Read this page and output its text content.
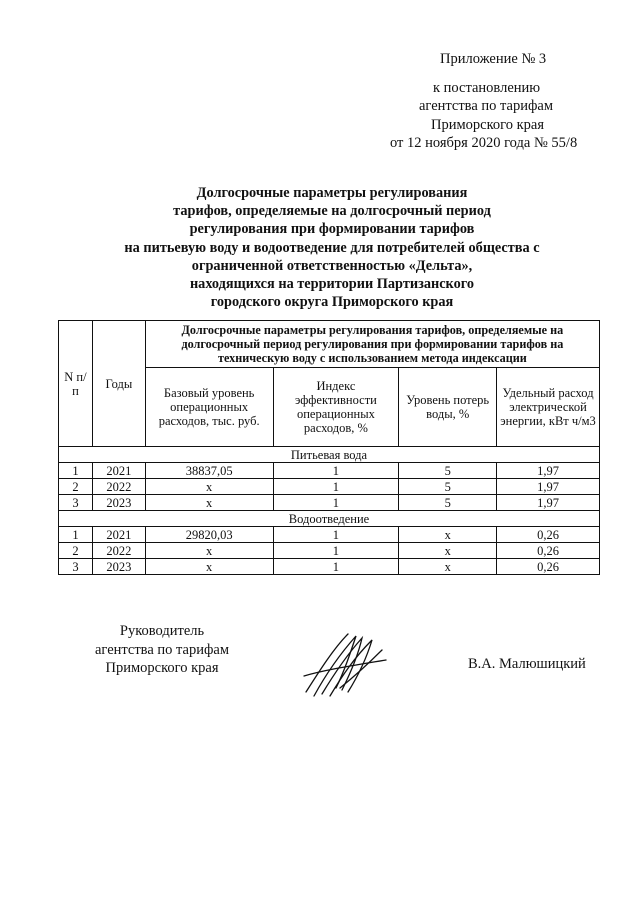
Приложение № 3
к постановлению
агентства по тарифам
Приморского края
от 12 ноября 2020 года № 55/8
Долгосрочные параметры регулирования
тарифов, определяемые на долгосрочный период
регулирования при формировании тарифов
на питьевую воду и водоотведение для потребителей общества с
ограниченной ответственностью «Дельта»,
находящихся на территории Партизанского
городского округа Приморского края
N п/п	Годы	Долгосрочные параметры регулирования тарифов, определяемые на долгосрочный период регулирования при формировании тарифов на техническую воду с использованием метода индексации			
		Базовый уровень операционных расходов, тыс. руб.	Индекс эффективности операционных расходов, %	Уровень потерь воды, %	Удельный расход электрической энергии, кВт ч/м3
Питьевая вода					
1	2021	38837,05	1	5	1,97
2	2022	х	1	5	1,97
3	2023	х	1	5	1,97
Водоотведение					
1	2021	29820,03	1	х	0,26
2	2022	х	1	х	0,26
3	2023	х	1	х	0,26
Руководитель
агентства по тарифам
Приморского края	В.А. Малюшицкий
